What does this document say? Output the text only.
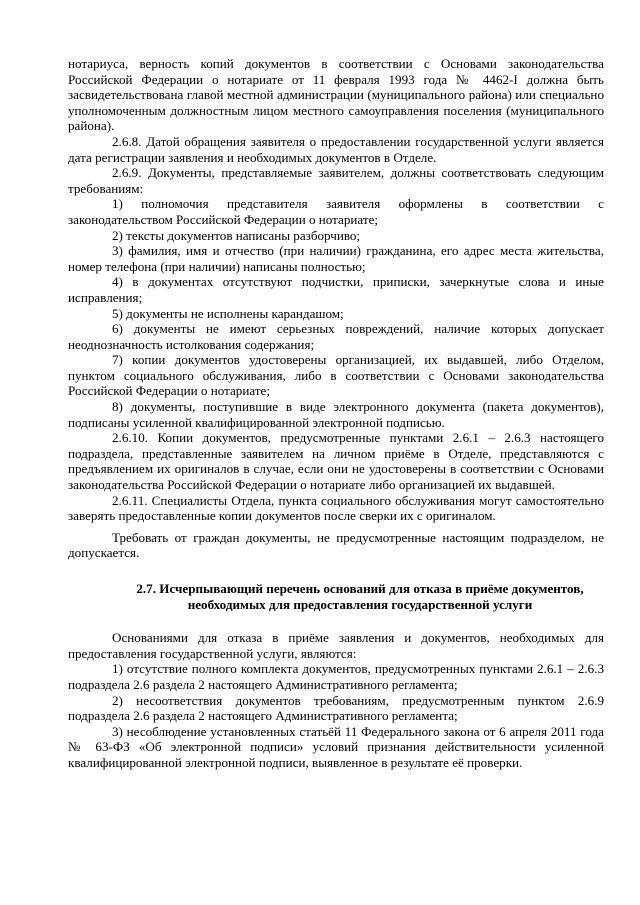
нотариуса, верность копий документов в соответствии с Основами законодательства Российской Федерации о нотариате от 11 февраля 1993 года № 4462-I должна быть засвидетельствована главой местной администрации (муниципального района) или специально уполномоченным должностным лицом местного самоуправления поселения (муниципального района).

2.6.8. Датой обращения заявителя о предоставлении государственной услуги является дата регистрации заявления и необходимых документов в Отделе.

2.6.9. Документы, представляемые заявителем, должны соответствовать следующим требованиям:

1) полномочия представителя заявителя оформлены в соответствии с законодательством Российской Федерации о нотариате;

2) тексты документов написаны разборчиво;

3) фамилия, имя и отчество (при наличии) гражданина, его адрес места жительства, номер телефона (при наличии) написаны полностью;

4) в документах отсутствуют подчистки, приписки, зачеркнутые слова и иные исправления;

5) документы не исполнены карандашом;

6) документы не имеют серьезных повреждений, наличие которых допускает неоднозначность истолкования содержания;

7) копии документов удостоверены организацией, их выдавшей, либо Отделом, пунктом социального обслуживания, либо в соответствии с Основами законодательства Российской Федерации о нотариате;

8) документы, поступившие в виде электронного документа (пакета документов), подписаны усиленной квалифицированной электронной подписью.

2.6.10. Копии документов, предусмотренные пунктами 2.6.1 – 2.6.3 настоящего подраздела, представленные заявителем на личном приёме в Отделе, представляются с предъявлением их оригиналов в случае, если они не удостоверены в соответствии с Основами законодательства Российской Федерации о нотариате либо организацией их выдавшей.

2.6.11. Специалисты Отдела, пункта социального обслуживания могут самостоятельно заверять предоставленные копии документов после сверки их с оригиналом.

Требовать от граждан документы, не предусмотренные настоящим подразделом, не допускается.

2.7. Исчерпывающий перечень оснований для отказа в приёме документов,
необходимых для предоставления государственной услуги

Основаниями для отказа в приёме заявления и документов, необходимых для предоставления государственной услуги, являются:

1) отсутствие полного комплекта документов, предусмотренных пунктами 2.6.1 – 2.6.3 подраздела 2.6 раздела 2 настоящего Административного регламента;

2) несоответствия документов требованиям, предусмотренным пунктом 2.6.9 подраздела 2.6 раздела 2 настоящего Административного регламента;

3) несоблюдение установленных статьёй 11 Федерального закона от 6 апреля 2011 года № 63-ФЗ «Об электронной подписи» условий признания действительности усиленной квалифицированной электронной подписи, выявленное в результате её проверки.
